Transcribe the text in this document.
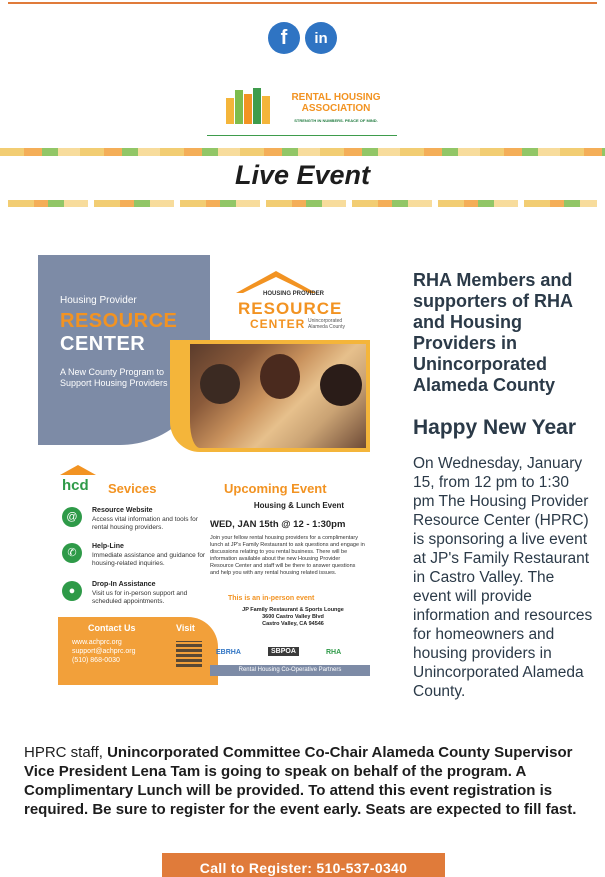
f	in
RENTAL HOUSING ASSOCIATION
STRENGTH IN NUMBERS. PEACE OF MIND.
Live Event
Housing Provider
RESOURCE
CENTER
A New County Program to Support Housing Providers
HOUSING PROVIDER
RESOURCE
CENTER Unincorporated Alameda County
hcd Sevices
@
Resource Website
Access vital information and tools for rental housing providers.
✆
Help-Line
Immediate assistance and guidance for housing-related inquiries.
●
Drop-In Assistance
Visit us for in-person support and scheduled appointments.
Contact Us	Visit
www.achprc.org
support@achprc.org
(510) 868-0030
Upcoming Event
Housing & Lunch Event
WED, JAN 15th @ 12 - 1:30pm
Join your fellow rental housing providers for a complimentary lunch at JP's Family Restaurant to ask questions and engage in discussions relating to you rental business. There will be information available about the new Housing Provider Resource Center and staff will be there to answer questions and help you with any rental housing related issues.
This is an in-person event
JP Family Restaurant & Sports Lounge
3600 Castro Valley Blvd
Castro Valley, CA 94546
EBRHA	SBPOA	RHA
Rental Housing Co-Operative Partners
RHA Members and supporters of RHA and Housing Providers in Unincorporated Alameda County
Happy New Year
On Wednesday, January 15, from 12 pm to 1:30 pm The Housing Provider Resource Center (HPRC) is sponsoring a live event at JP's Family Restaurant in Castro Valley. The event will provide information and resources for homeowners and housing providers in Unincorporated Alameda County.
HPRC staff, Unincorporated Committee Co-Chair Alameda County Supervisor Vice President Lena Tam is going to speak on behalf of the program. A Complimentary Lunch will be provided. To attend this event registration is required. Be sure to register for the event early. Seats are expected to fill fast.
Call to Register: 510-537-0340
